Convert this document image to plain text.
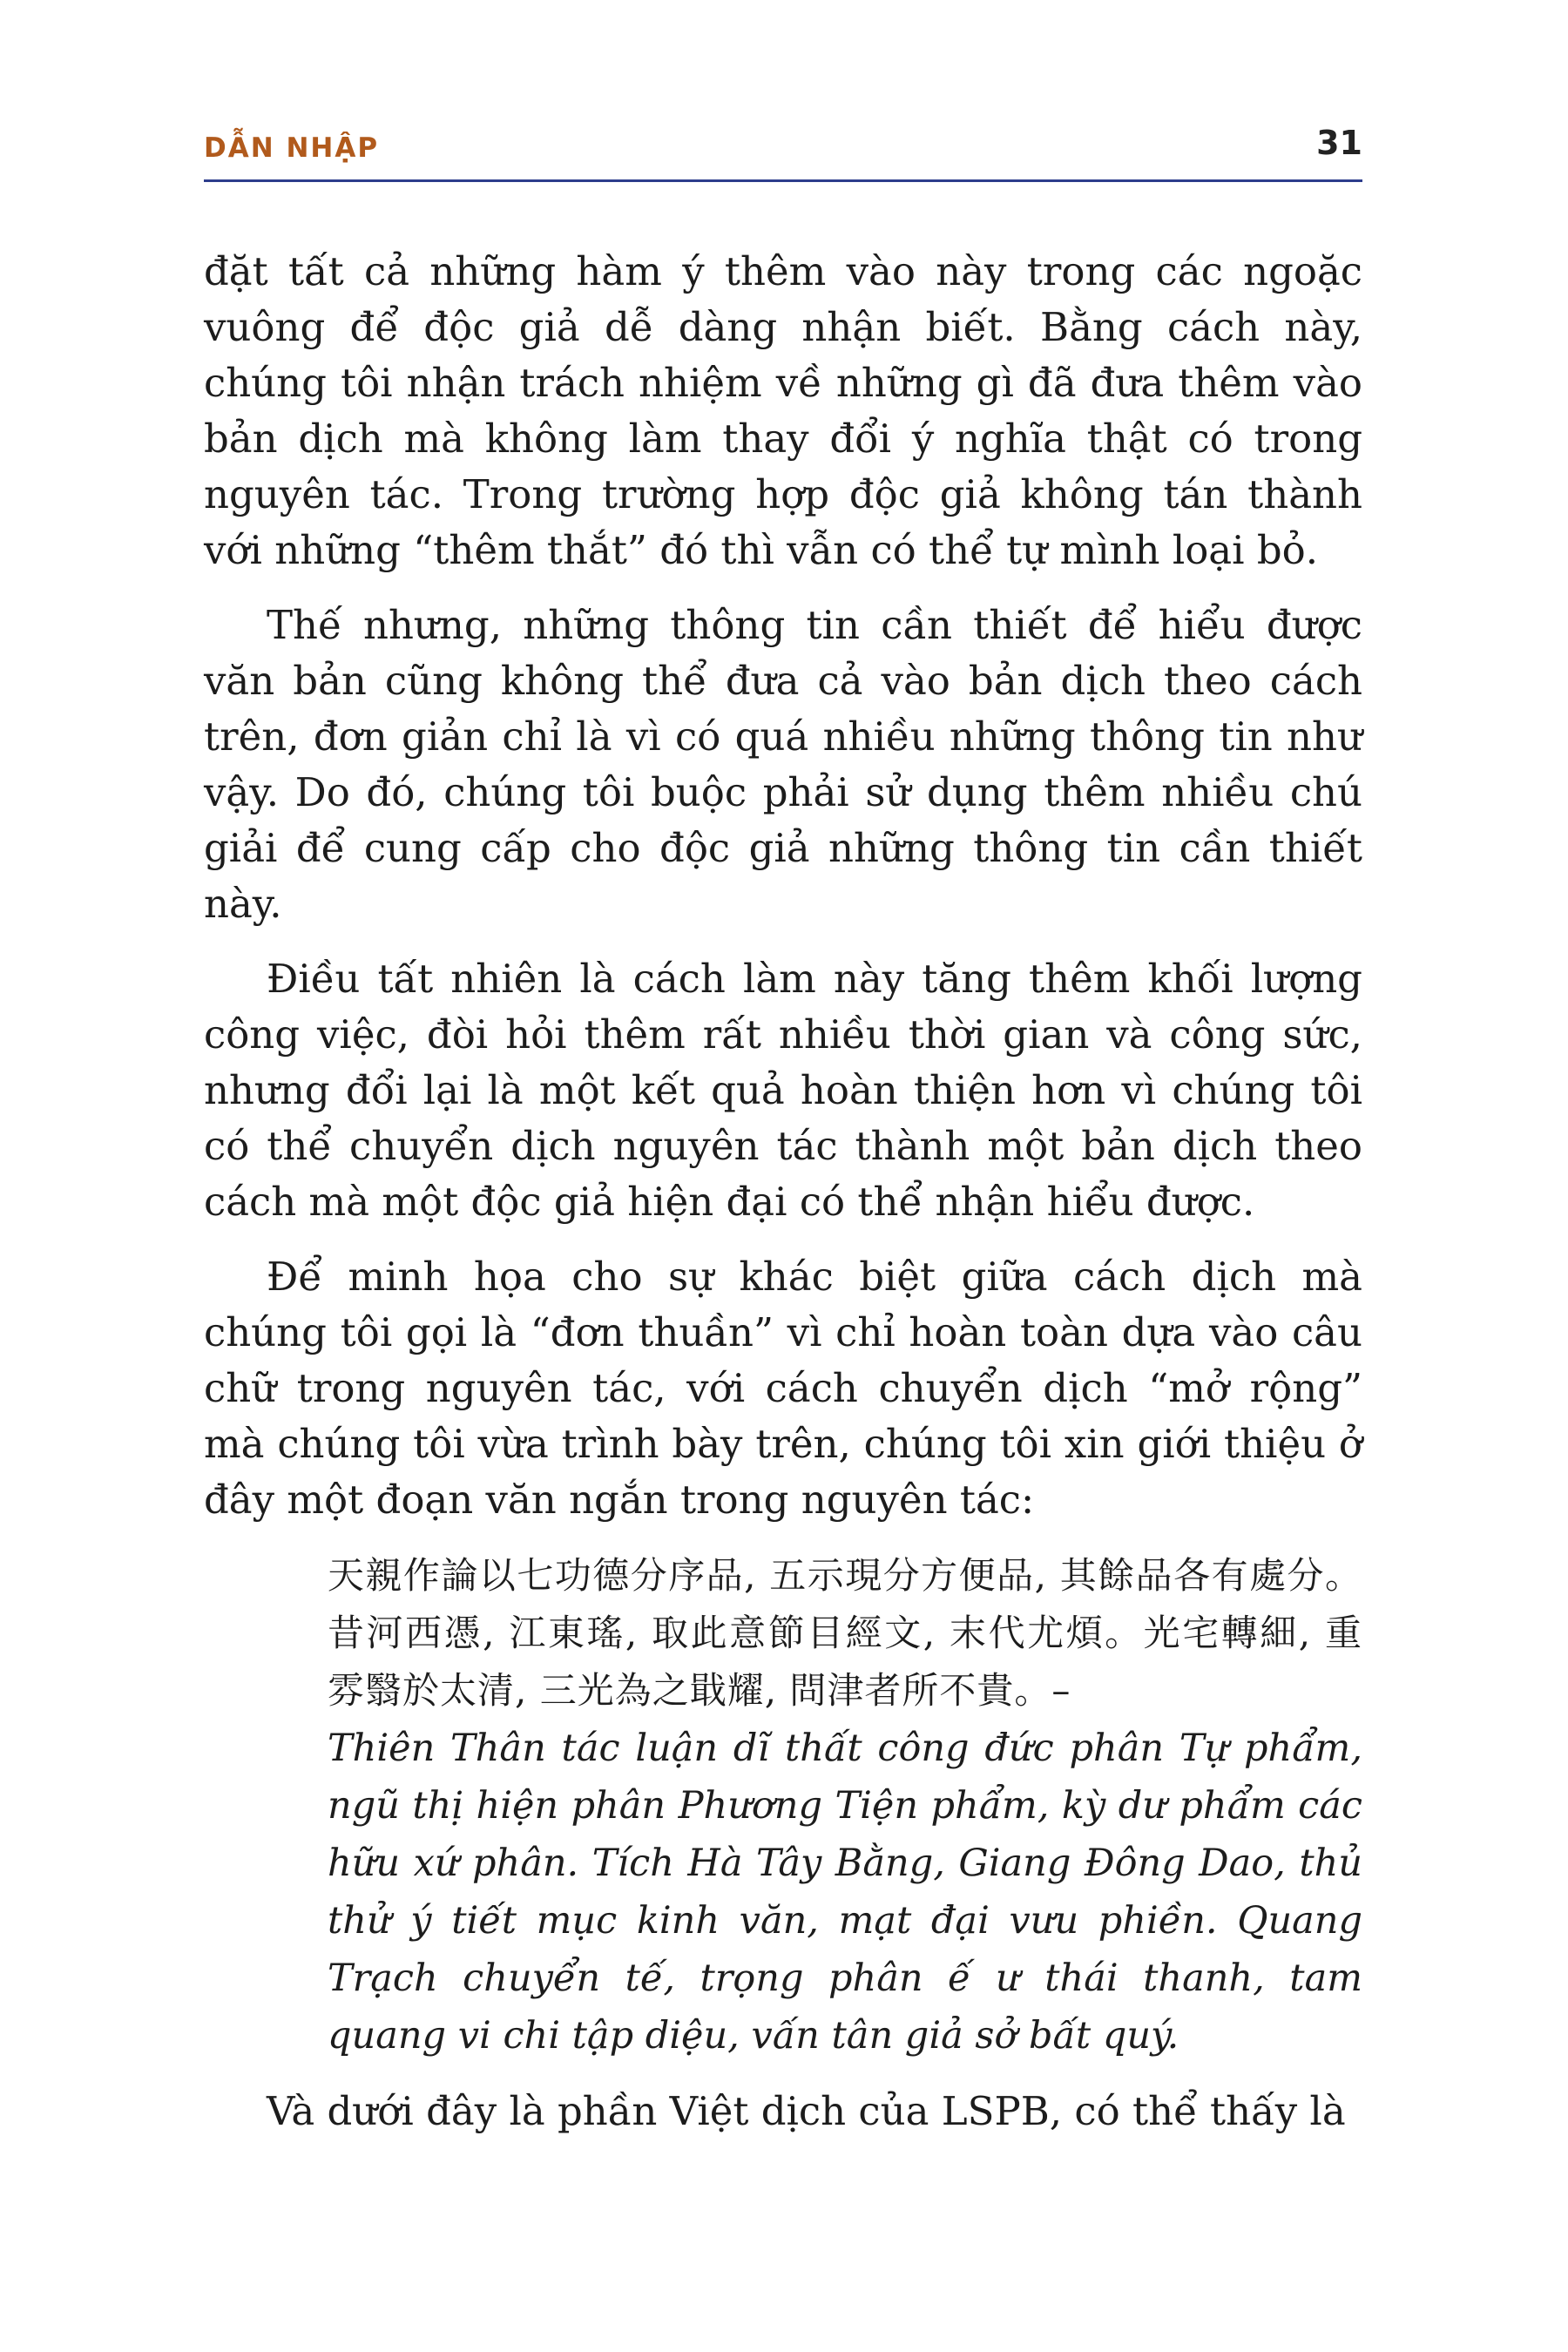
DẪN NHẬP	31

đặt tất cả những hàm ý thêm vào này trong các ngoặc vuông để độc giả dễ dàng nhận biết. Bằng cách này, chúng tôi nhận trách nhiệm về những gì đã đưa thêm vào bản dịch mà không làm thay đổi ý nghĩa thật có trong nguyên tác. Trong trường hợp độc giả không tán thành với những “thêm thắt” đó thì vẫn có thể tự mình loại bỏ.

Thế nhưng, những thông tin cần thiết để hiểu được văn bản cũng không thể đưa cả vào bản dịch theo cách trên, đơn giản chỉ là vì có quá nhiều những thông tin như vậy. Do đó, chúng tôi buộc phải sử dụng thêm nhiều chú giải để cung cấp cho độc giả những thông tin cần thiết này.

Điều tất nhiên là cách làm này tăng thêm khối lượng công việc, đòi hỏi thêm rất nhiều thời gian và công sức, nhưng đổi lại là một kết quả hoàn thiện hơn vì chúng tôi có thể chuyển dịch nguyên tác thành một bản dịch theo cách mà một độc giả hiện đại có thể nhận hiểu được.

Để minh họa cho sự khác biệt giữa cách dịch mà chúng tôi gọi là “đơn thuần” vì chỉ hoàn toàn dựa vào câu chữ trong nguyên tác, với cách chuyển dịch “mở rộng” mà chúng tôi vừa trình bày trên, chúng tôi xin giới thiệu ở đây một đoạn văn ngắn trong nguyên tác:

天親作論以七功德分序品, 五示現分方便品, 其餘品各有處分。昔河西憑, 江東瑤, 取此意節目經文, 末代尤煩。光宅轉細, 重雰翳於太清, 三光為之戢耀, 問津者所不貴。–
Thiên Thân tác luận dĩ thất công đức phân Tự phẩm, ngũ thị hiện phân Phương Tiện phẩm, kỳ dư phẩm các hữu xứ phân. Tích Hà Tây Bằng, Giang Đông Dao, thủ thử ý tiết mục kinh văn, mạt đại vưu phiền. Quang Trạch chuyển tế, trọng phân ế ư thái thanh, tam quang vi chi tập diệu, vấn tân giả sở bất quý.

Và dưới đây là phần Việt dịch của LSPB, có thể thấy là
